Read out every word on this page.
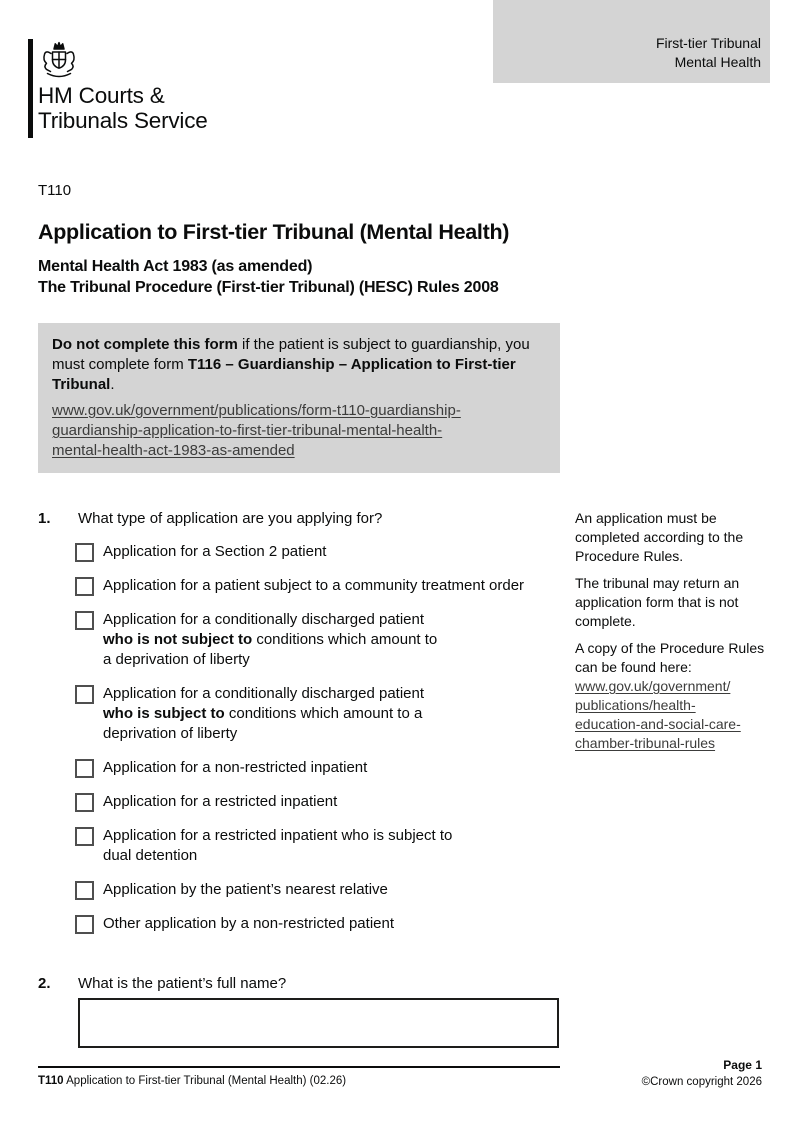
First-tier Tribunal
Mental Health
HM Courts &
Tribunals Service
T110
Application to First-tier Tribunal (Mental Health)
Mental Health Act 1983 (as amended)
The Tribunal Procedure (First-tier Tribunal) (HESC) Rules 2008

Do not complete this form if the patient is subject to guardianship, you must complete form T116 – Guardianship – Application to First-tier Tribunal.

www.gov.uk/government/publications/form-t110-guardianship-
guardianship-application-to-first-tier-tribunal-mental-health-
mental-health-act-1983-as-amended
1.	What type of application are you applying for?
Application for a Section 2 patient
Application for a patient subject to a community treatment order
Application for a conditionally discharged patient
who is not subject to conditions which amount to
a deprivation of liberty
Application for a conditionally discharged patient
who is subject to conditions which amount to a
deprivation of liberty
Application for a non-restricted inpatient
Application for a restricted inpatient
Application for a restricted inpatient who is subject to
dual detention
Application by the patient’s nearest relative
Other application by a non-restricted patient
2.	What is the patient’s full name?

An application must be completed according to the Procedure Rules.

The tribunal may return an application form that is not complete.

A copy of the Procedure Rules can be found here:
www.gov.uk/government/
publications/health-
education-and-social-care-
chamber-tribunal-rules

T110 Application to First-tier Tribunal (Mental Health) (02.26)
Page 1
©Crown copyright 2026
